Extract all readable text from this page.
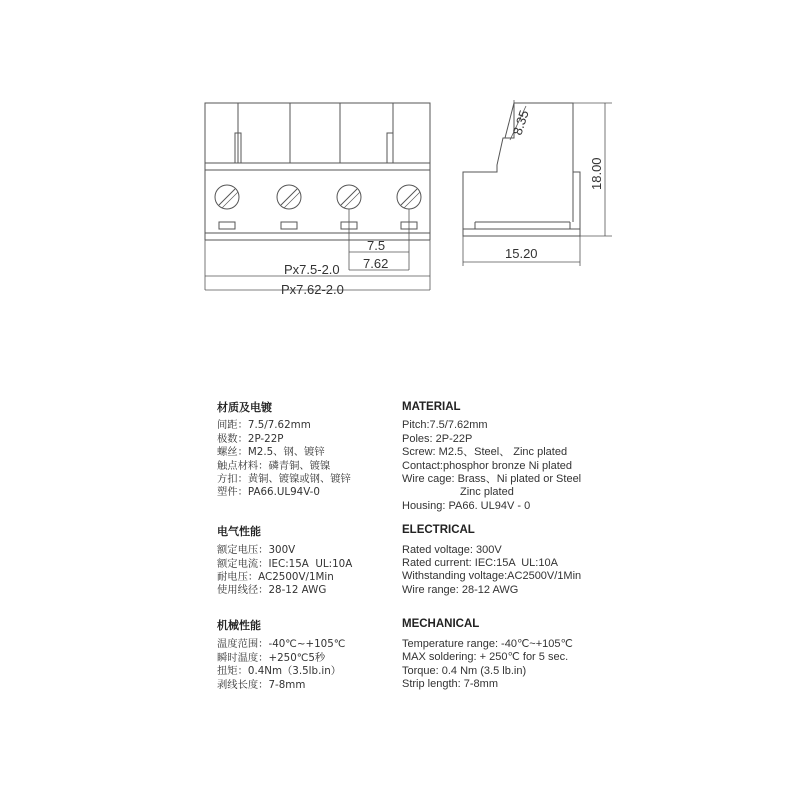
7.5
7.62
Px7.5-2.0
Px7.62-2.0
18.00
15.20
8.35
材质及电镀
间距：7.5/7.62mm
极数：2P-22P
螺丝：M2.5、钢、镀锌
触点材料：磷青铜、镀镍
方扣：黄铜、镀镍或钢、镀锌
塑件：PA66.UL94V-0
电气性能
额定电压：300V
额定电流：IEC:15A  UL:10A
耐电压：AC2500V/1Min
使用线径：28-12 AWG
机械性能
温度范围：-40℃~+105℃
瞬时温度：+250℃5秒
扭矩：0.4Nm（3.5lb.in）
剥线长度：7-8mm
MATERIAL
Pitch:7.5/7.62mm
Poles: 2P-22P
Screw: M2.5、Steel、 Zinc plated
Contact:phosphor bronze Ni plated
Wire cage: Brass、Ni plated or Steel
Zinc plated
Housing: PA66. UL94V - 0
ELECTRICAL
Rated voltage: 300V
Rated current: IEC:15A  UL:10A
Withstanding voltage:AC2500V/1Min
Wire range: 28-12 AWG
MECHANICAL
Temperature range: -40℃~+105℃
MAX soldering: + 250℃ for 5 sec.
Torque: 0.4 Nm (3.5 lb.in)
Strip length: 7-8mm
